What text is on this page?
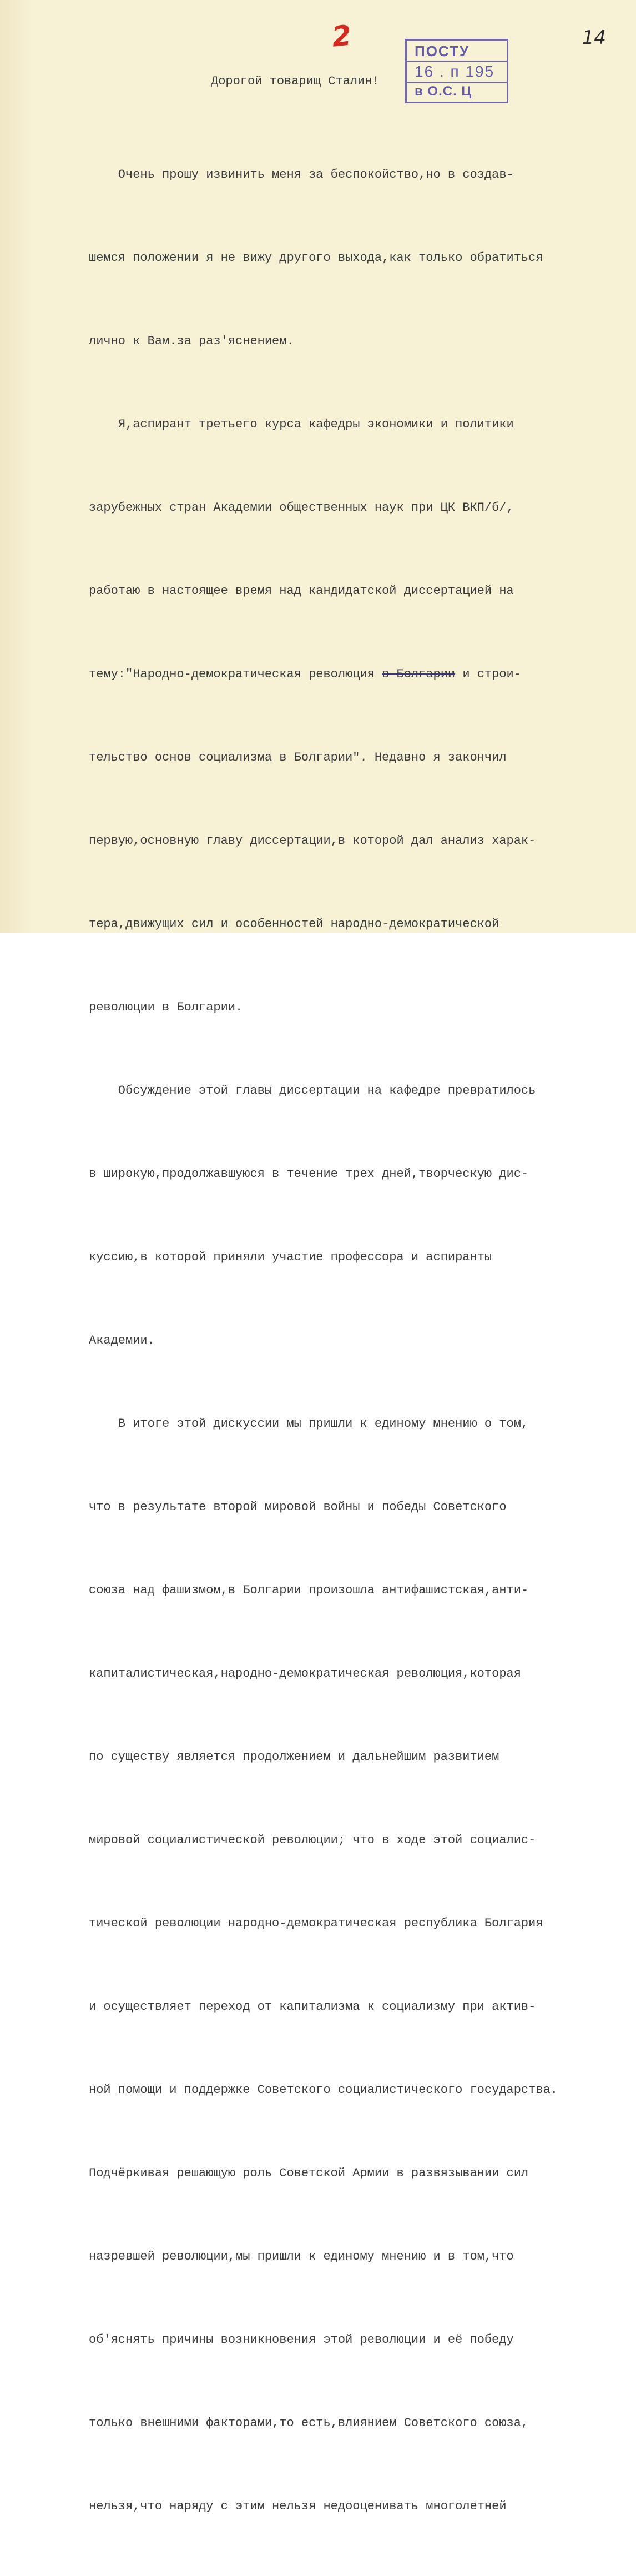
2	14
ПОСТУ
16 . п 195
в О.С. Ц
Дорогой товарищ Сталин!

Очень прошу извинить меня за беспокойство,но в создав-

шемся положении я не вижу другого выхода,как только обратиться

лично к Вам.за раз'яснением.

Я,аспирант третьего курса кафедры экономики и политики

зарубежных стран Академии общественных наук при ЦК ВКП/б/,

работаю в настоящее время над кандидатской диссертацией на

тему:"Народно-демократическая революция в Болгарии и строи-

тельство основ социализма в Болгарии". Недавно я закончил

первую,основную главу диссертации,в которой дал анализ харак-

тера,движущих сил и особенностей народно-демократической

революции в Болгарии.

Обсуждение этой главы диссертации на кафедре превратилось

в широкую,продолжавшуюся в течение трех дней,творческую дис-

куссию,в которой приняли участие профессора и аспиранты

Академии.

В итоге этой дискуссии мы пришли к единому мнению о том,

что в результате второй мировой войны и победы Советского

союза над фашизмом,в Болгарии произошла антифашистская,анти-

капиталистическая,народно-демократическая революция,которая

по существу является продолжением и дальнейшим развитием

мировой социалистической революции; что в ходе этой социалис-

тической революции народно-демократическая республика Болгария

и осуществляет переход от капитализма к социализму при актив-

ной помощи и поддержке Советского социалистического государства.

Подчёркивая решающую роль Советской Армии в развязывании сил

назревшей революции,мы пришли к единому мнению и в том,что

об'яснять причины возникновения этой революции и её победу

только внешними факторами,то есть,влиянием Советского союза,

нельзя,что наряду с этим нельзя недооценивать многолетней
